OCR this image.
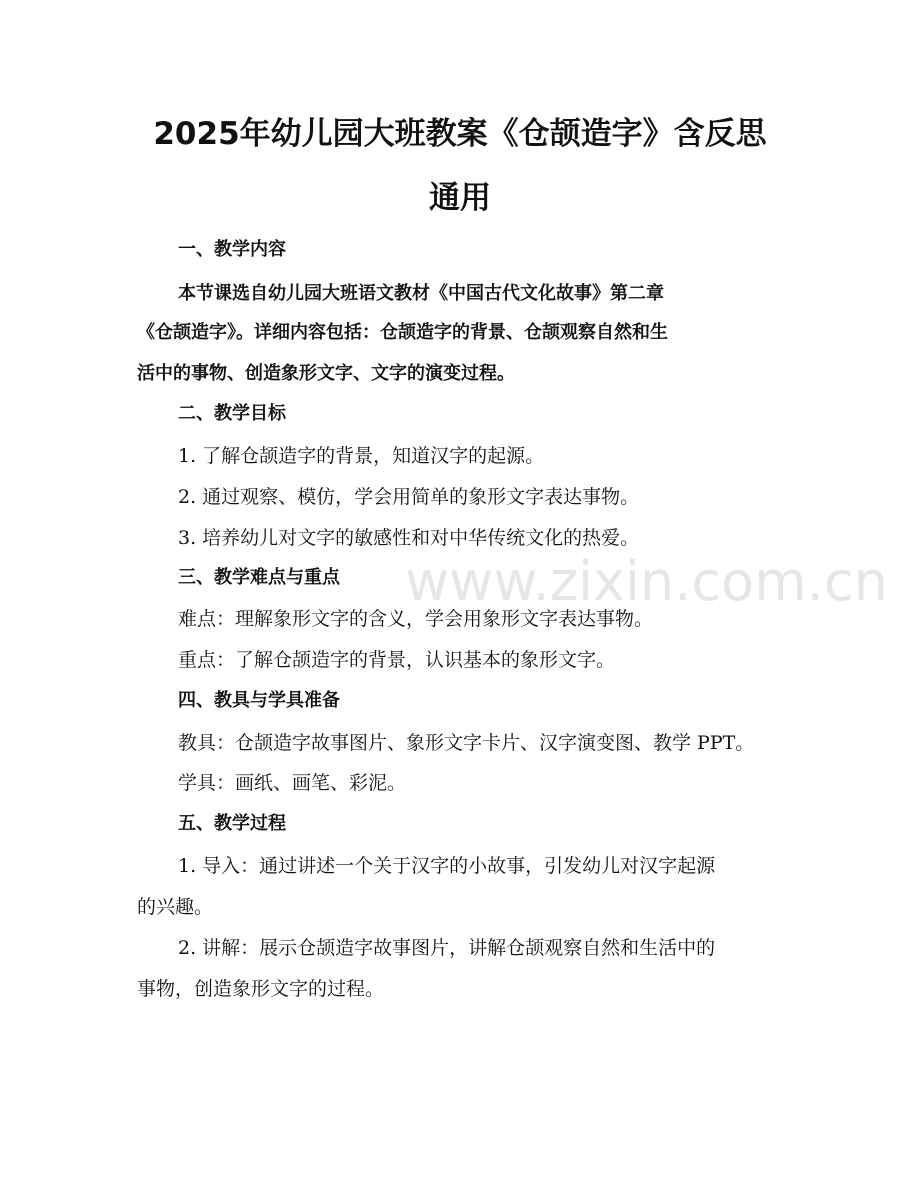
2025年幼儿园大班教案《仓颉造字》含反思
通用
一、教学内容
本节课选自幼儿园大班语文教材《中国古代文化故事》第二章
《仓颉造字》。详细内容包括：仓颉造字的背景、仓颉观察自然和生
活中的事物、创造象形文字、文字的演变过程。
二、教学目标
1. 了解仓颉造字的背景，知道汉字的起源。
2. 通过观察、模仿，学会用简单的象形文字表达事物。
3. 培养幼儿对文字的敏感性和对中华传统文化的热爱。
三、教学难点与重点
难点：理解象形文字的含义，学会用象形文字表达事物。
重点：了解仓颉造字的背景，认识基本的象形文字。
四、教具与学具准备
教具：仓颉造字故事图片、象形文字卡片、汉字演变图、教学 PPT。
学具：画纸、画笔、彩泥。
五、教学过程
1. 导入：通过讲述一个关于汉字的小故事，引发幼儿对汉字起源
的兴趣。
2. 讲解：展示仓颉造字故事图片，讲解仓颉观察自然和生活中的
事物，创造象形文字的过程。
www.zixin.com.cn
